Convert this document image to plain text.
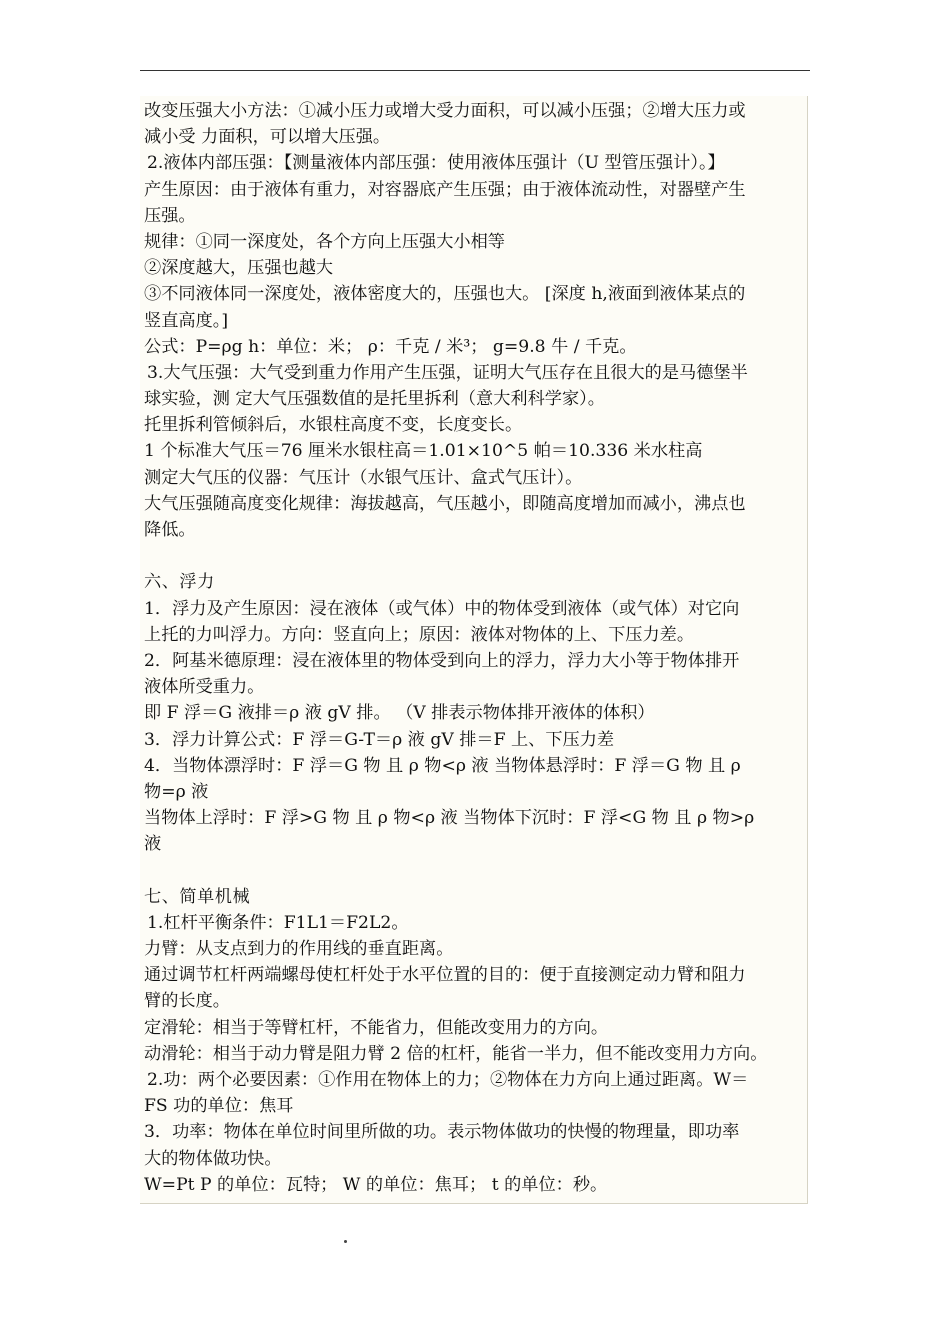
改变压强大小方法：①减小压力或增大受力面积，可以减小压强；②增大压力或
减小受 力面积，可以增大压强。
2.液体内部压强：【测量液体内部压强：使用液体压强计（U 型管压强计）。】
产生原因：由于液体有重力，对容器底产生压强；由于液体流动性，对器壁产生
压强。
规律：①同一深度处，各个方向上压强大小相等
②深度越大，压强也越大
③不同液体同一深度处，液体密度大的，压强也大。 [深度 h,液面到液体某点的
竖直高度。]
公式：P=ρg h：单位：米； ρ：千克 / 米³； g=9.8 牛 / 千克。
3.大气压强：大气受到重力作用产生压强，证明大气压存在且很大的是马德堡半
球实验，测 定大气压强数值的是托里拆利（意大利科学家）。
托里拆利管倾斜后，水银柱高度不变，长度变长。
1 个标准大气压＝76 厘米水银柱高＝1.01×10^5 帕＝10.336 米水柱高
测定大气压的仪器：气压计（水银气压计、盒式气压计）。
大气压强随高度变化规律：海拔越高，气压越小，即随高度增加而减小，沸点也
降低。
六、浮力
1．浮力及产生原因：浸在液体（或气体）中的物体受到液体（或气体）对它向
上托的力叫浮力。方向：竖直向上；原因：液体对物体的上、下压力差。
2．阿基米德原理：浸在液体里的物体受到向上的浮力，浮力大小等于物体排开
液体所受重力。
即 F 浮＝G 液排＝ρ 液 gV 排。 （V 排表示物体排开液体的体积）
3．浮力计算公式：F 浮＝G-T＝ρ 液 gV 排＝F 上、下压力差
4．当物体漂浮时：F 浮＝G 物 且 ρ 物<ρ 液 当物体悬浮时：F 浮＝G 物 且 ρ
物=ρ 液
当物体上浮时：F 浮>G 物 且 ρ 物<ρ 液 当物体下沉时：F 浮<G 物 且 ρ 物>ρ
液
七、简单机械
1.杠杆平衡条件：F1L1＝F2L2。
力臂：从支点到力的作用线的垂直距离。
通过调节杠杆两端螺母使杠杆处于水平位置的目的：便于直接测定动力臂和阻力
臂的长度。
定滑轮：相当于等臂杠杆，不能省力，但能改变用力的方向。
动滑轮：相当于动力臂是阻力臂 2 倍的杠杆，能省一半力，但不能改变用力方向。
2.功：两个必要因素：①作用在物体上的力；②物体在力方向上通过距离。W＝
FS 功的单位：焦耳
3．功率：物体在单位时间里所做的功。表示物体做功的快慢的物理量，即功率
大的物体做功快。
W=Pt P 的单位：瓦特； W 的单位：焦耳； t 的单位：秒。
